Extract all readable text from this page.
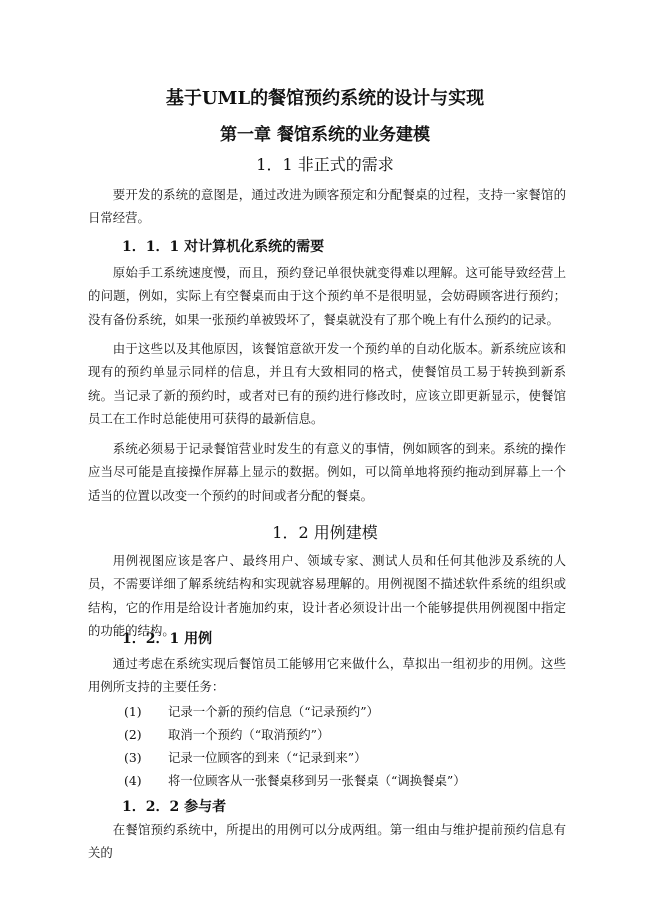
基于UML的餐馆预约系统的设计与实现
第一章 餐馆系统的业务建模
1．1 非正式的需求
要开发的系统的意图是，通过改进为顾客预定和分配餐桌的过程，支持一家餐馆的日常经营。
1．1．1 对计算机化系统的需要
原始手工系统速度慢，而且，预约登记单很快就变得难以理解。这可能导致经营上的问题，例如，实际上有空餐桌而由于这个预约单不是很明显，会妨碍顾客进行预约；没有备份系统，如果一张预约单被毁坏了，餐桌就没有了那个晚上有什么预约的记录。
由于这些以及其他原因，该餐馆意欲开发一个预约单的自动化版本。新系统应该和现有的预约单显示同样的信息，并且有大致相同的格式，使餐馆员工易于转换到新系统。当记录了新的预约时，或者对已有的预约进行修改时，应该立即更新显示，使餐馆员工在工作时总能使用可获得的最新信息。
系统必须易于记录餐馆营业时发生的有意义的事情，例如顾客的到来。系统的操作应当尽可能是直接操作屏幕上显示的数据。例如，可以简单地将预约拖动到屏幕上一个适当的位置以改变一个预约的时间或者分配的餐桌。
1．2 用例建模
用例视图应该是客户、最终用户、领域专家、测试人员和任何其他涉及系统的人员，不需要详细了解系统结构和实现就容易理解的。用例视图不描述软件系统的组织或结构，它的作用是给设计者施加约束，设计者必须设计出一个能够提供用例视图中指定的功能的结构。
1．2．1 用例
通过考虑在系统实现后餐馆员工能够用它来做什么，草拟出一组初步的用例。这些用例所支持的主要任务：
(1) 记录一个新的预约信息（“记录预约”）
(2) 取消一个预约（“取消预约”）
(3) 记录一位顾客的到来（“记录到来”）
(4) 将一位顾客从一张餐桌移到另一张餐桌（“调换餐桌”）
1．2．2 参与者
在餐馆预约系统中，所提出的用例可以分成两组。第一组由与维护提前预约信息有关的
